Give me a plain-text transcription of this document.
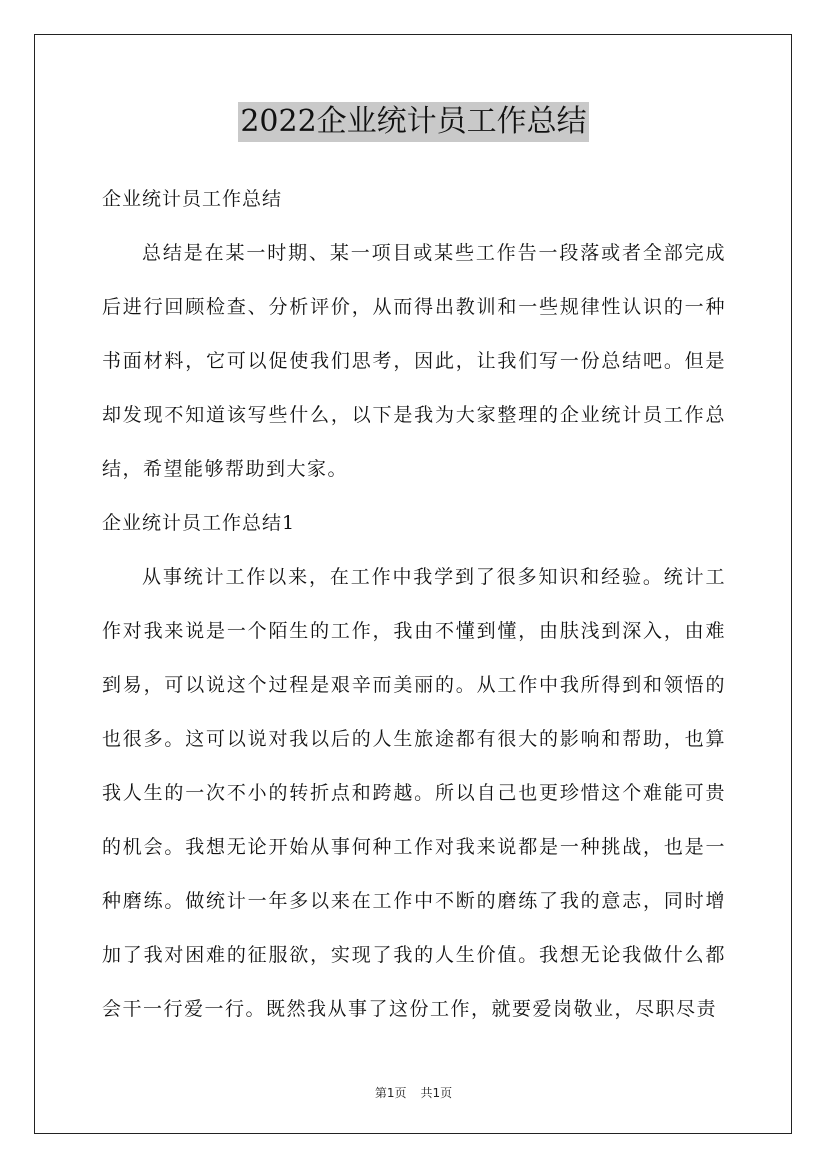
2022企业统计员工作总结

企业统计员工作总结

总结是在某一时期、某一项目或某些工作告一段落或者全部完成后进行回顾检查、分析评价，从而得出教训和一些规律性认识的一种书面材料，它可以促使我们思考，因此，让我们写一份总结吧。但是却发现不知道该写些什么，以下是我为大家整理的企业统计员工作总结，希望能够帮助到大家。

企业统计员工作总结1

从事统计工作以来，在工作中我学到了很多知识和经验。统计工作对我来说是一个陌生的工作，我由不懂到懂，由肤浅到深入，由难到易，可以说这个过程是艰辛而美丽的。从工作中我所得到和领悟的也很多。这可以说对我以后的人生旅途都有很大的影响和帮助，也算我人生的一次不小的转折点和跨越。所以自己也更珍惜这个难能可贵的机会。我想无论开始从事何种工作对我来说都是一种挑战，也是一种磨练。做统计一年多以来在工作中不断的磨练了我的意志，同时增加了我对困难的征服欲，实现了我的人生价值。我想无论我做什么都会干一行爱一行。既然我从事了这份工作，就要爱岗敬业，尽职尽责

第1页 共1页
